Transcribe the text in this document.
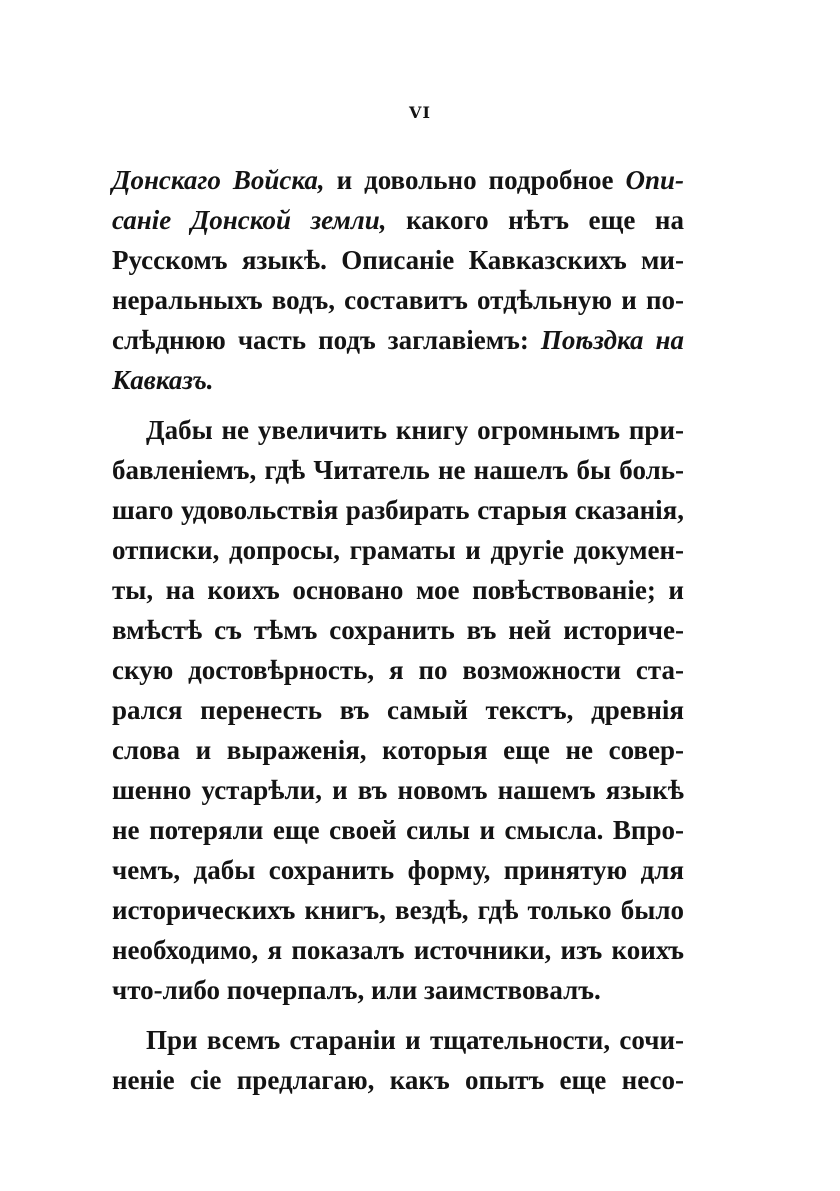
VI
Донскаго Войска, и довольно подробное Опи-
саніе Донской земли, какого нѣтъ еще на
Русскомъ языкѣ. Описаніе Кавказскихъ ми-
неральныхъ водъ, составитъ отдѣльную и по-
слѣднюю часть подъ заглавіемъ: Поѣздка на
Кавказъ.
Дабы не увеличить книгу огромнымъ при-
бавленіемъ, гдѣ Читатель не нашелъ бы боль-
шаго удовольствія разбирать старыя сказанія,
отписки, допросы, граматы и другіе докумен-
ты, на коихъ основано мое повѣствованіе; и
вмѣстѣ съ тѣмъ сохранить въ ней историче-
скую достовѣрность, я по возможности ста-
рался перенесть въ самый текстъ, древнія
слова и выраженія, которыя еще не совер-
шенно устарѣли, и въ новомъ нашемъ языкѣ
не потеряли еще своей силы и смысла. Впро-
чемъ, дабы сохранить форму, принятую для
историческихъ книгъ, вездѣ, гдѣ только было
необходимо, я показалъ источники, изъ коихъ
что-либо почерпалъ, или заимствовалъ.
При всемъ стараніи и тщательности, сочи-
неніе сіе предлагаю, какъ опытъ еще несо-
